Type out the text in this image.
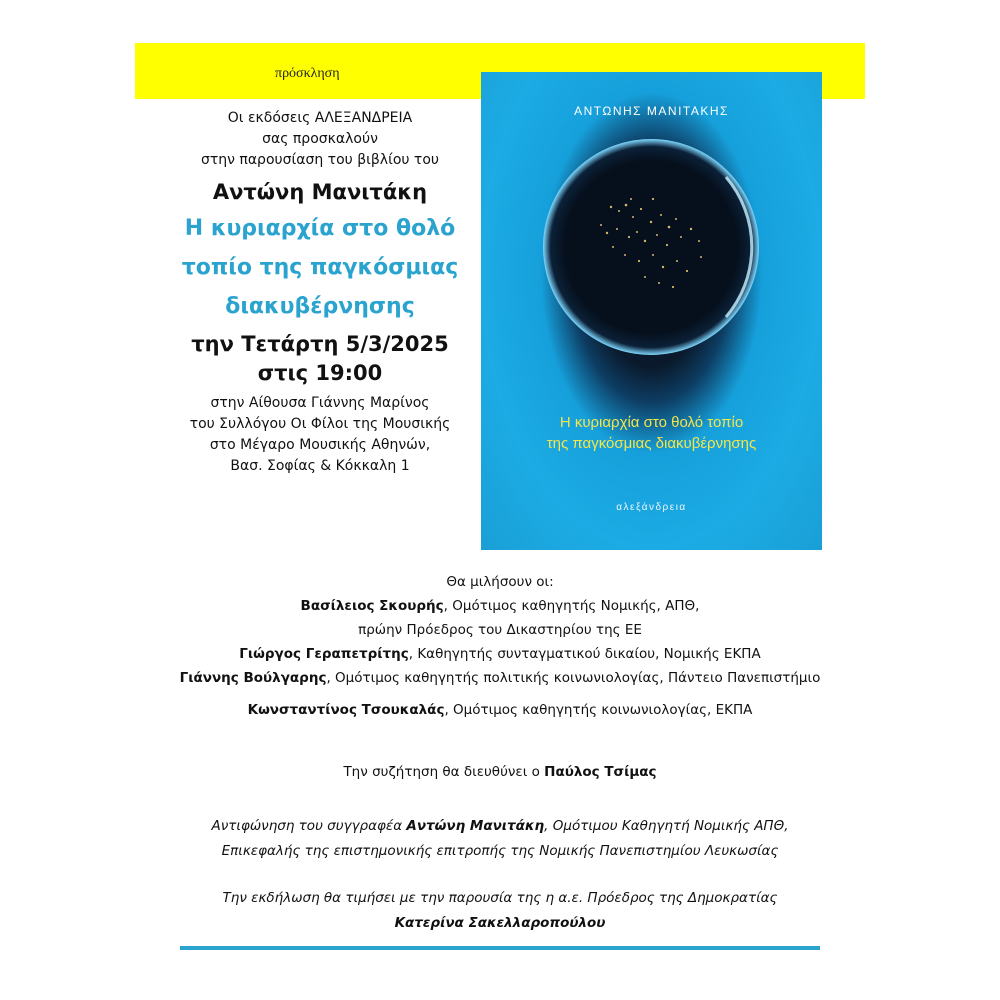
πρόσκληση
Οι εκδόσεις ΑΛΕΞΑΝΔΡΕΙΑ
σας προσκαλούν
στην παρουσίαση του βιβλίου του
Αντώνη Μανιτάκη
Η κυριαρχία στο θολό
τοπίο της παγκόσμιας
διακυβέρνησης
την Τετάρτη 5/3/2025
στις 19:00
στην Αίθουσα Γιάννης Μαρίνος
του Συλλόγου Οι Φίλοι της Μουσικής
στο Μέγαρο Μουσικής Αθηνών,
Βασ. Σοφίας & Κόκκαλη 1
ΑΝΤΩΝΗΣ ΜΑΝΙΤΑΚΗΣ
Η κυριαρχία στο θολό τοπίο
της παγκόσμιας διακυβέρνησης
αλεξάνδρεια
Θα μιλήσουν οι:
Βασίλειος Σκουρής, Ομότιμος καθηγητής Νομικής, ΑΠΘ,
πρώην Πρόεδρος του Δικαστηρίου της ΕΕ
Γιώργος Γεραπετρίτης, Καθηγητής συνταγματικού δικαίου, Νομικής ΕΚΠΑ
Γιάννης Βούλγαρης, Ομότιμος καθηγητής πολιτικής κοινωνιολογίας, Πάντειο Πανεπιστήμιο
Κωνσταντίνος Τσουκαλάς, Ομότιμος καθηγητής κοινωνιολογίας, ΕΚΠΑ
Την συζήτηση θα διευθύνει ο Παύλος Τσίμας
Αντιφώνηση του συγγραφέα Αντώνη Μανιτάκη, Ομότιμου Καθηγητή Νομικής ΑΠΘ,
Επικεφαλής της επιστημονικής επιτροπής της Νομικής Πανεπιστημίου Λευκωσίας
Την εκδήλωση θα τιμήσει με την παρουσία της η α.ε. Πρόεδρος της Δημοκρατίας
Κατερίνα Σακελλαροπούλου
